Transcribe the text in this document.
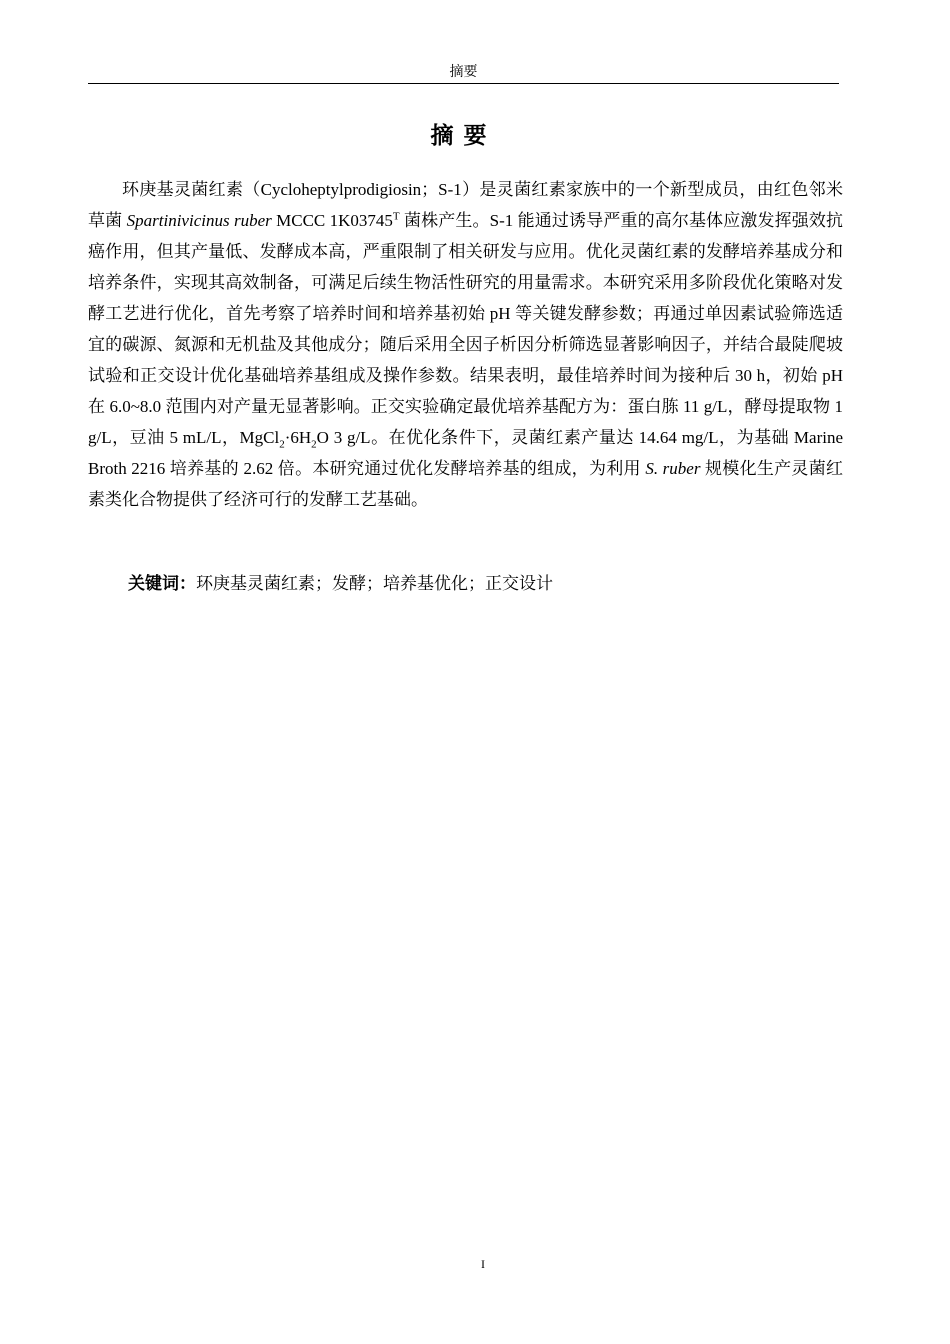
摘要
摘要

环庚基灵菌红素（Cycloheptylprodigiosin；S-1）是灵菌红素家族中的一个新型成员，由红色邻米草菌 Spartinivicinus ruber MCCC $1K03745^T$ 菌株产生。S-1 能通过诱导严重的高尔基体应激发挥强效抗癌作用，但其产量低、发酵成本高，严重限制了相关研发与应用。优化灵菌红素的发酵培养基成分和培养条件，实现其高效制备，可满足后续生物活性研究的用量需求。本研究采用多阶段优化策略对发酵工艺进行优化，首先考察了培养时间和培养基初始 pH 等关键发酵参数；再通过单因素试验筛选适宜的碳源、氮源和无机盐及其他成分；随后采用全因子析因分析筛选显著影响因子，并结合最陡爬坡试验和正交设计优化基础培养基组成及操作参数。结果表明，最佳培养时间为接种后 30 h，初始 pH 在 6.0~8.0 范围内对产量无显著影响。正交实验确定最优培养基配方为：蛋白胨 11 g/L，酵母提取物 1 g/L，豆油 5 mL/L，$MgCl_2\cdot 6H_2O$ 3 g/L。在优化条件下，灵菌红素产量达 14.64 mg/L，为基础 Marine Broth 2216 培养基的 2.62 倍。本研究通过优化发酵培养基的组成，为利用 S. ruber 规模化生产灵菌红素类化合物提供了经济可行的发酵工艺基础。

关键词：环庚基灵菌红素；发酵；培养基优化；正交设计

I
